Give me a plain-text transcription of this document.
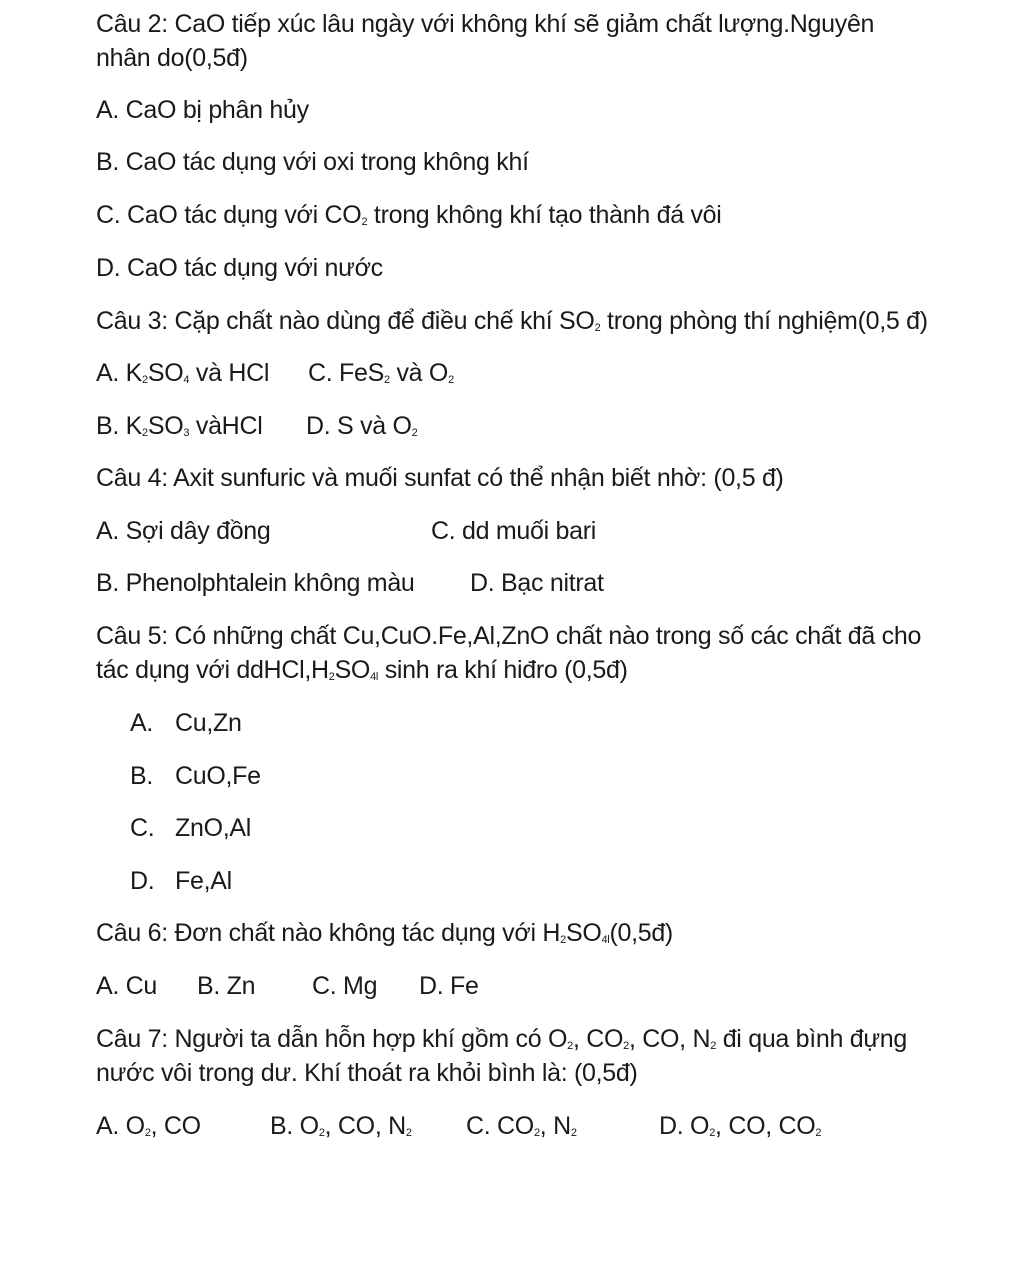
Câu 2: CaO tiếp xúc lâu ngày với không khí sẽ giảm chất lượng.Nguyên
nhân do(0,5đ)
A. CaO bị phân hủy
B. CaO tác dụng với oxi trong không khí
C. CaO tác dụng với $CO_2$ trong không khí tạo thành đá vôi
D. CaO tác dụng với nước
Câu 3: Cặp chất nào dùng để điều chế khí $SO_2$ trong phòng thí nghiệm(0,5 đ)
A. $K_2SO_4$ và HCl C. FeS$_2$ và $O_2$
B. $K_2SO_3$ vàHCl D. S và $O_2$
Câu 4: Axit sunfuric và muối sunfat có thể nhận biết nhờ: (0,5 đ)
A. Sợi dây đồng	C. dd muối bari
B. Phenolphtalein không màu D. Bạc nitrat
Câu 5: Có những chất Cu,CuO.Fe,Al,ZnO chất nào trong số các chất đã cho
tác dụng với $ddHCl,H_2SO_{4l}$ sinh ra khí hiđro (0,5đ)
A. Cu,Zn
B. CuO,Fe
C. ZnO,Al
D. Fe,Al
Câu 6: Đơn chất nào không tác dụng với $H_2SO_{4l}(0,5đ)$
A. Cu B. Zn C. Mg D. Fe
Câu 7: Người ta dẫn hỗn hợp khí gồm có $O_2$, $CO_2$, CO, $N_2$ đi qua bình đựng
nước vôi trong dư. Khí thoát ra khỏi bình là: (0,5đ)
A. $O_2$, CO	B. $O_2$, CO, $N_2$ C. $CO_2$, $N_2$	D. $O_2$, CO, $CO_2$
